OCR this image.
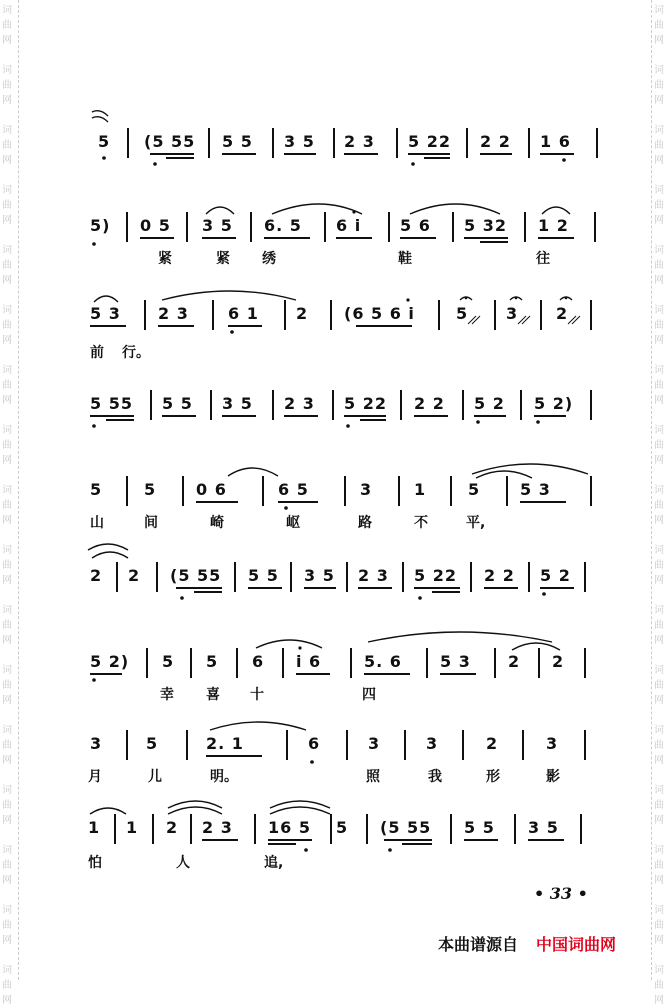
词
曲
网
词
曲
网
词
曲
网
词
曲
网
词
曲
网
词
曲
网
词
曲
网
词
曲
网
词
曲
网
词
曲
网
词
曲
网
词
曲
网
词
曲
网
词
曲
网
词
曲
网
词
曲
网
词
曲
网
词
曲
网
词
曲
网
词
曲
网
词
曲
网
词
曲
网
词
曲
网
词
曲
网
词
曲
网
词
曲
网
词
曲
网
词
曲
网
词
曲
网
词
曲
网
词
曲
网
词
曲
网
词
曲
网
词
曲
网
5 (5 55 5 5 3 5 2 3 5 22 2 2 1 6
5) 0 5 3 5 6. 5 6 i 5 6 5 32 1 2
紧	紧 绣	鞋	往
5 3 2 3 6 1 2 (6 5 6 i	5 3 2
前 行。
5 55 5 5 3 5 2 3 5 22 2 2 5 2 5 2)
5	5 0 6	6 5	3	1	5 5 3
山	间	崎	岖	路	不	平,
2 2 (5 55 5 5 3 5 2 3 5 22 2 2 5 2
5 2) 5 5 6 i 6	5. 6 5 3 2 2
幸 喜 十	四
3	5	2. 1	6	3	3	2	3
月	儿	明。	照	我	形	影
1 1 2 2 3 16 5 5 (5 55 5 5 3 5
怕	人	追,
• 33 •
本曲谱源自 中国词曲网
